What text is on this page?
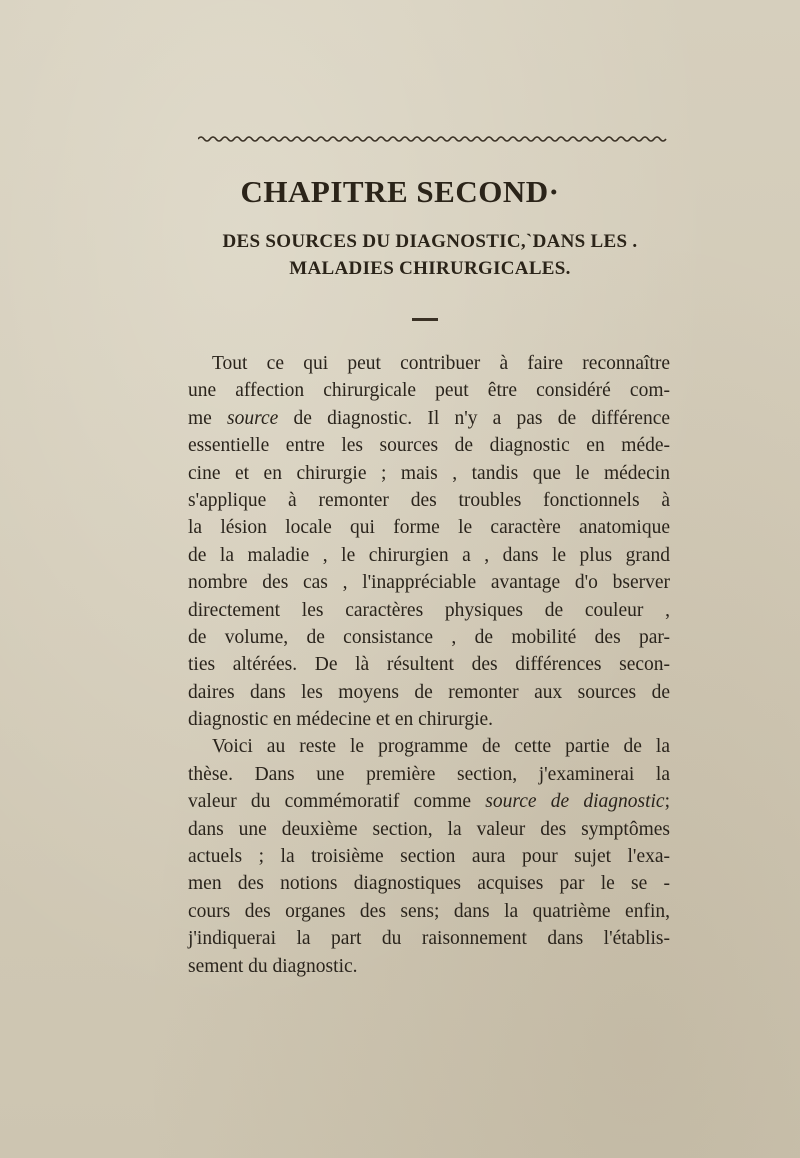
CHAPITRE SECOND·
DES SOURCES DU DIAGNOSTIC,`DANS LES .
MALADIES CHIRURGICALES.
Tout ce qui peut contribuer à faire reconnaître
une affection chirurgicale peut être considéré com-
me source de diagnostic. Il n'y a pas de différence
essentielle entre les sources de diagnostic en méde-
cine et en chirurgie ; mais , tandis que le médecin
s'applique à remonter des troubles fonctionnels à
la lésion locale qui forme le caractère anatomique
de la maladie , le chirurgien a , dans le plus grand
nombre des cas , l'inappréciable avantage d'o bserver
directement les caractères physiques de couleur ,
de volume, de consistance , de mobilité des par-
ties altérées. De là résultent des différences secon-
daires dans les moyens de remonter aux sources de
diagnostic en médecine et en chirurgie.
Voici au reste le programme de cette partie de la
thèse. Dans une première section, j'examinerai la
valeur du commémoratif comme source de diagnostic;
dans une deuxième section, la valeur des symptômes
actuels ; la troisième section aura pour sujet l'exa-
men des notions diagnostiques acquises par le se -
cours des organes des sens; dans la quatrième enfin,
j'indiquerai la part du raisonnement dans l'établis-
sement du diagnostic.
